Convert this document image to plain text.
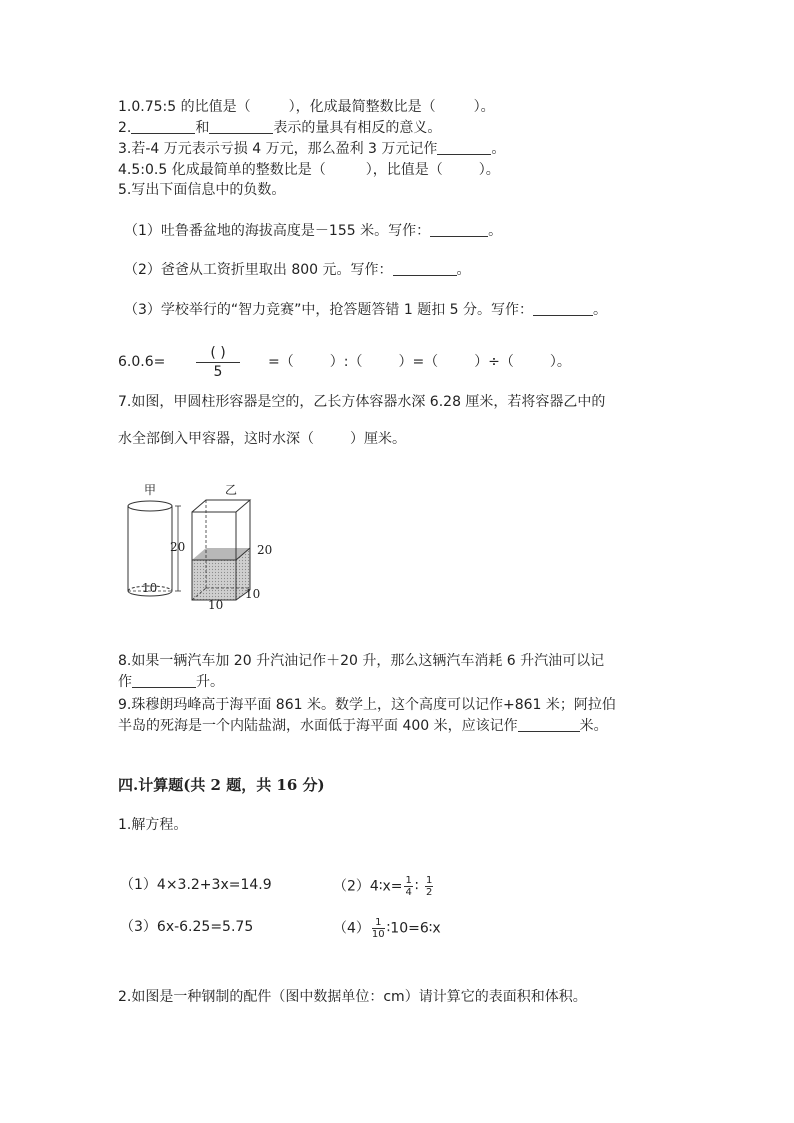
1.0.75:5 的比值是（	），化成最简整数比是（	）。
2.	和	表示的量具有相反的意义。
3.若-4 万元表示亏损 4 万元，那么盈利 3 万元记作	。
4.5:0.5 化成最简单的整数比是（	），比值是（	）。
5.写出下面信息中的负数。
（1）吐鲁番盆地的海拔高度是－155 米。写作：	。
（2）爸爸从工资折里取出 800 元。写作：	。
（3）学校举行的“智力竞赛”中，抢答题答错 1 题扣 5 分。写作：	。
6.0.6=
( )
5
=（	）:（	）=（	）÷（	）。
7.如图，甲圆柱形容器是空的，乙长方体容器水深 6.28 厘米，若将容器乙中的
水全部倒入甲容器，这时水深（	）厘米。
甲
20
10
乙
20
10
10
8.如果一辆汽车加 20 升汽油记作＋20 升，那么这辆汽车消耗 6 升汽油可以记
作	升。
9.珠穆朗玛峰高于海平面 861 米。数学上，这个高度可以记作+861 米；阿拉伯
半岛的死海是一个内陆盐湖，水面低于海平面 400 米，应该记作	米。
四.计算题(共 2 题，共 16 分)
1.解方程。
（1）4×3.2+3x=14.9	（2）4∶x= $\frac{1}{4}$ ∶ $\frac{1}{2}$
（3）6x-6.25=5.75	$(4) \frac{1}{10}$ ∶10=6∶x
2.如图是一种钢制的配件（图中数据单位：cm）请计算它的表面积和体积。
